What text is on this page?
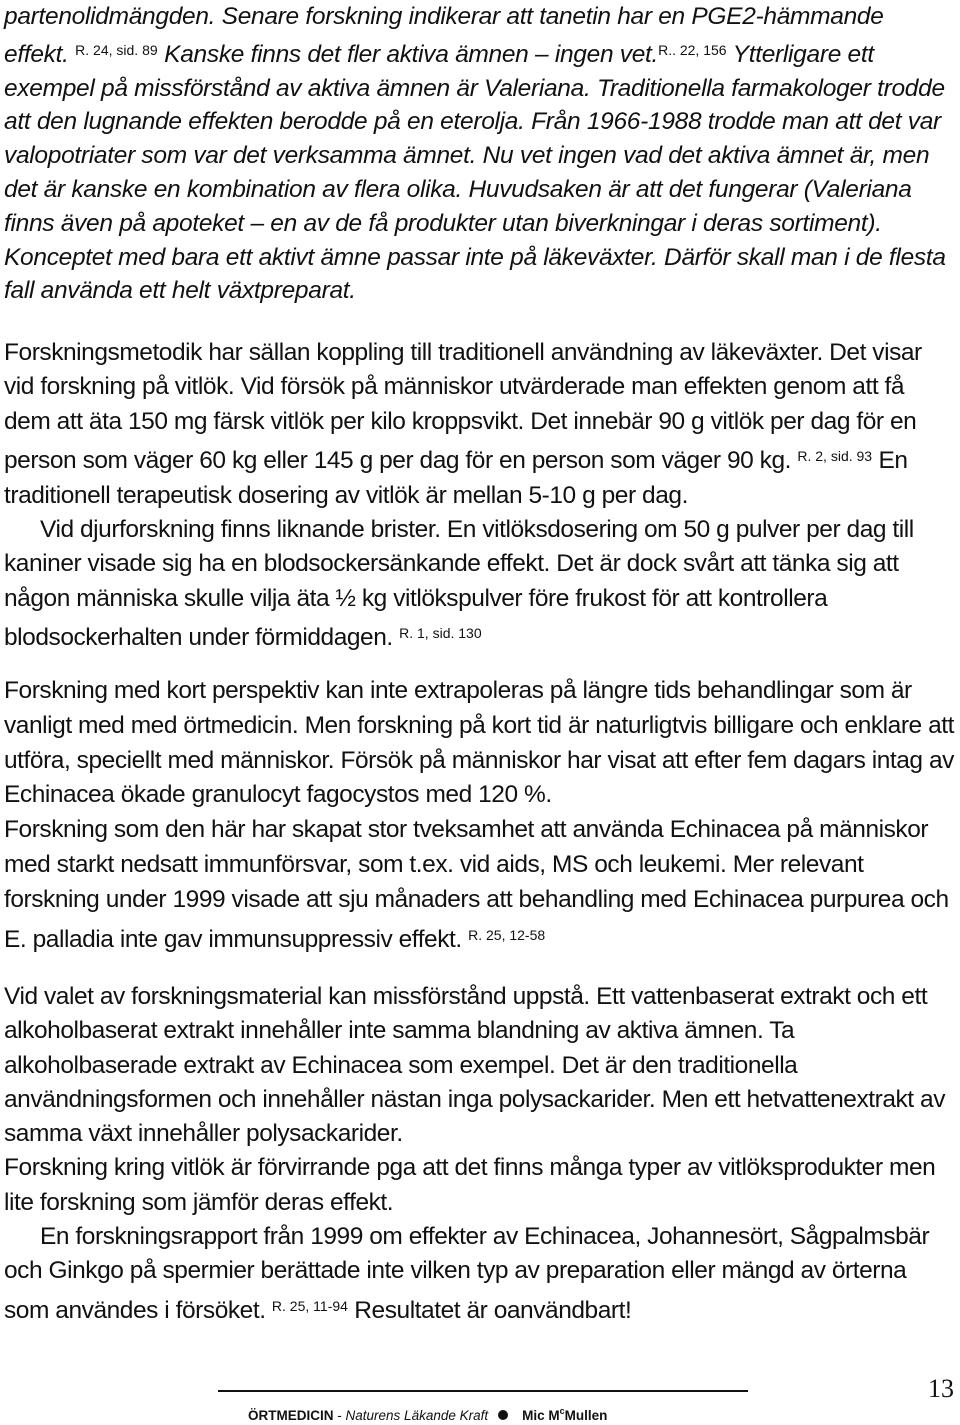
partenolidmängden. Senare forskning indikerar att tanetin har en PGE2-hämmande effekt. $^{R. 24, sid. 89}$ Kanske finns det fler aktiva ämnen – ingen vet.$^{R.. 22, 156}$ Ytterligare ett exempel på missförstånd av aktiva ämnen är Valeriana. Traditionella farmakologer trodde att den lugnande effekten berodde på en eterolja. Från 1966-1988 trodde man att det var valopotriater som var det verksamma ämnet. Nu vet ingen vad det aktiva ämnet är, men det är kanske en kombination av flera olika. Huvudsaken är att det fungerar (Valeriana finns även på apoteket – en av de få produkter utan biverkningar i deras sortiment). Konceptet med bara ett aktivt ämne passar inte på läkeväxter. Därför skall man i de flesta fall använda ett helt växtpreparat.

Forskningsmetodik har sällan koppling till traditionell användning av läkeväxter. Det visar vid forskning på vitlök. Vid försök på människor utvärderade man effekten genom att få dem att äta 150 mg färsk vitlök per kilo kroppsvikt. Det innebär 90 g vitlök per dag för en person som väger 60 kg eller 145 g per dag för en person som väger 90 kg. $^{R. 2, sid. 93}$ En traditionell terapeutisk dosering av vitlök är mellan 5-10 g per dag.
Vid djurforskning finns liknande brister. En vitlöksdosering om 50 g pulver per dag till kaniner visade sig ha en blodsockersänkande effekt. Det är dock svårt att tänka sig att någon människa skulle vilja äta ½ kg vitlökspulver före frukost för att kontrollera blodsockerhalten under förmiddagen. $^{R. 1, sid. 130}$

Forskning med kort perspektiv kan inte extrapoleras på längre tids behandlingar som är vanligt med med örtmedicin. Men forskning på kort tid är naturligtvis billigare och enklare att utföra, speciellt med människor. Försök på människor har visat att efter fem dagars intag av Echinacea ökade granulocyt fagocystos med 120 %.
Forskning som den här har skapat stor tveksamhet att använda Echinacea på människor med starkt nedsatt immunförsvar, som t.ex. vid aids, MS och leukemi. Mer relevant forskning under 1999 visade att sju månaders att behandling med Echinacea purpurea och E. palladia inte gav immunsuppressiv effekt. $^{R. 25, 12-58}$

Vid valet av forskningsmaterial kan missförstånd uppstå. Ett vattenbaserat extrakt och ett alkoholbaserat extrakt innehåller inte samma blandning av aktiva ämnen. Ta alkoholbaserade extrakt av Echinacea som exempel. Det är den traditionella användningsformen och innehåller nästan inga polysackarider. Men ett hetvattenextrakt av samma växt innehåller polysackarider.
Forskning kring vitlök är förvirrande pga att det finns många typer av vitlöksprodukter men lite forskning som jämför deras effekt.
En forskningsrapport från 1999 om effekter av Echinacea, Johannesört, Sågpalmsbär och Ginkgo på spermier berättade inte vilken typ av preparation eller mängd av örterna som användes i försöket. $^{R. 25, 11-94}$ Resultatet är oanvändbart!

ÖRTMEDICIN - Naturens Läkande Kraft	Mic $M^cMullen$
13
